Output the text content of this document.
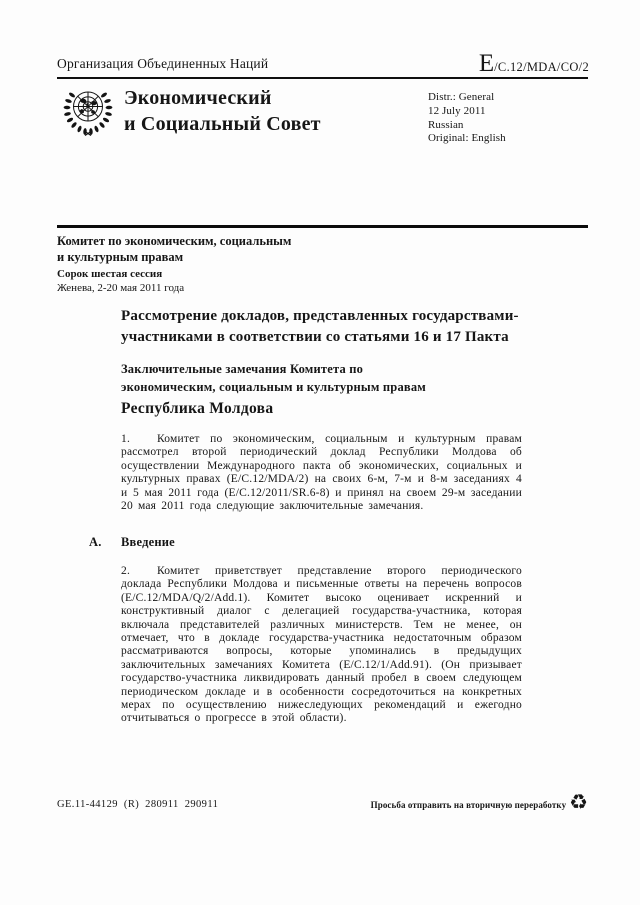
Организация Объединенных Наций	E /C.12/MDA/CO/2
Экономический
и Социальный Совет
Distr.: General
12 July 2011
Russian
Original: English
Комитет по экономическим, социальным
и культурным правам
Сорок шестая сессия
Женева, 2-20 мая 2011 года
Рассмотрение докладов, представленных государствами-участниками в соответствии со статьями 16 и 17 Пакта
Заключительные замечания Комитета по экономическим, социальным и культурным правам
Республика Молдова
1. Комитет по экономическим, социальным и культурным правам рассмотрел второй периодический доклад Республики Молдова об осуществлении Международного пакта об экономических, социальных и культурных правах (E/C.12/MDA/2) на своих 6-м, 7-м и 8-м заседаниях 4 и 5 мая 2011 года (E/C.12/2011/SR.6-8) и принял на своем 29-м заседании 20 мая 2011 года следующие заключительные замечания.
A. Введение
2. Комитет приветствует представление второго периодического доклада Республики Молдова и письменные ответы на перечень вопросов (E/C.12/MDA/Q/2/Add.1). Комитет высоко оценивает искренний и конструктивный диалог с делегацией государства-участника, которая включала представителей различных министерств. Тем не менее, он отмечает, что в докладе государства-участника недостаточным образом рассматриваются вопросы, которые упоминались в предыдущих заключительных замечаниях Комитета (E/C.12/1/Add.91). (Он призывает государство-участника ликвидировать данный пробел в своем следующем периодическом докладе и в особенности сосредоточиться на конкретных мерах по осуществлению нижеследующих рекомендаций и ежегодно отчитываться о прогрессе в этой области).
GE.11-44129  (R)  280911  290911	Просьба отправить на вторичную переработку ♻
